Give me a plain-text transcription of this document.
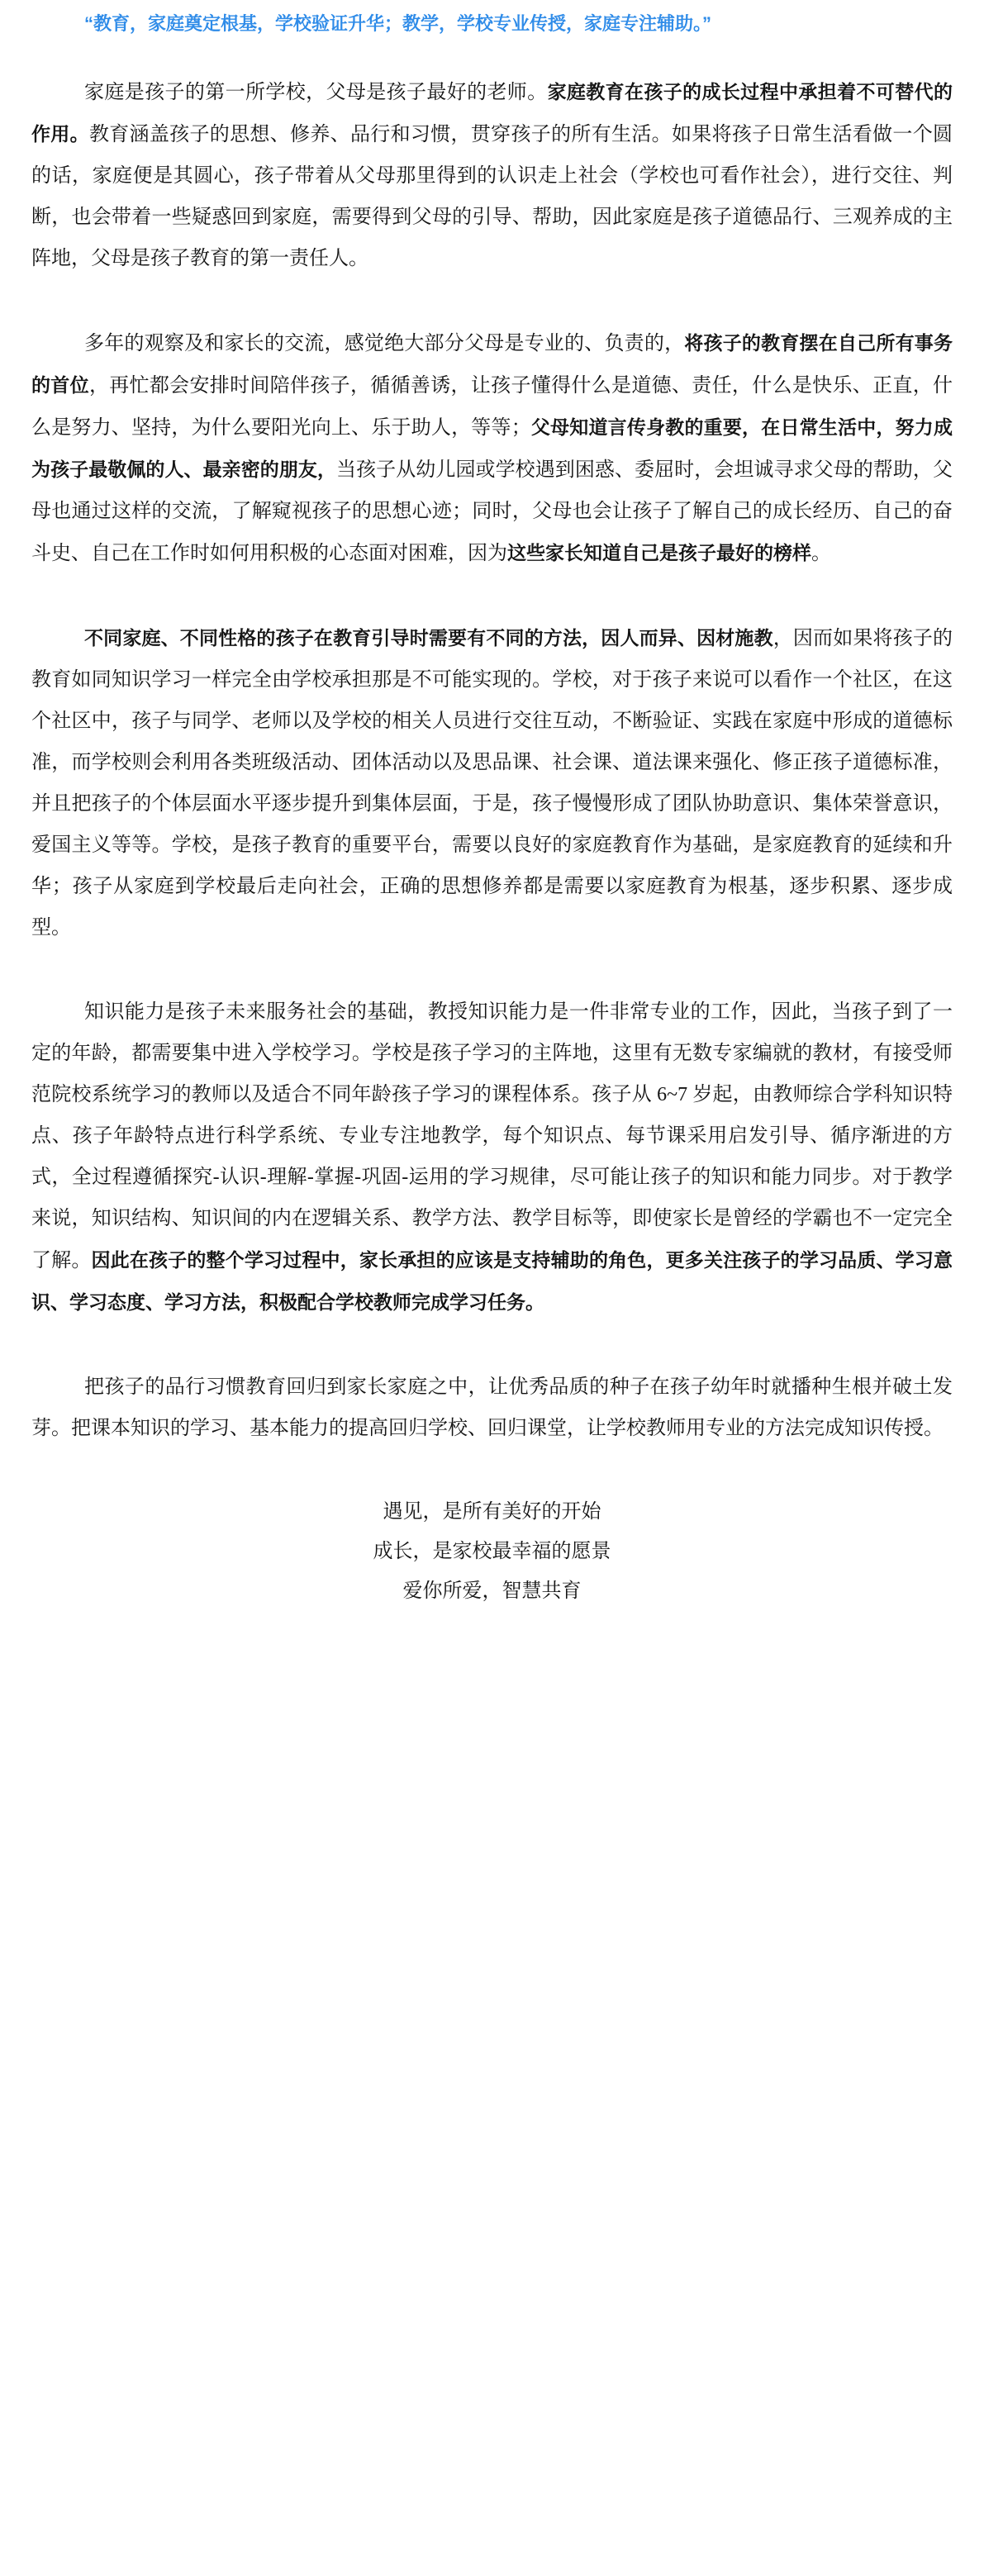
“教育，家庭奠定根基，学校验证升华；教学，学校专业传授，家庭专注辅助。”

家庭是孩子的第一所学校，父母是孩子最好的老师。家庭教育在孩子的成长过程中承担着不可替代的作用。教育涵盖孩子的思想、修养、品行和习惯，贯穿孩子的所有生活。如果将孩子日常生活看做一个圆的话，家庭便是其圆心，孩子带着从父母那里得到的认识走上社会（学校也可看作社会），进行交往、判断，也会带着一些疑惑回到家庭，需要得到父母的引导、帮助，因此家庭是孩子道德品行、三观养成的主阵地，父母是孩子教育的第一责任人。

多年的观察及和家长的交流，感觉绝大部分父母是专业的、负责的，将孩子的教育摆在自己所有事务的首位，再忙都会安排时间陪伴孩子，循循善诱，让孩子懂得什么是道德、责任，什么是快乐、正直，什么是努力、坚持，为什么要阳光向上、乐于助人，等等；父母知道言传身教的重要，在日常生活中，努力成为孩子最敬佩的人、最亲密的朋友，当孩子从幼儿园或学校遇到困惑、委屈时，会坦诚寻求父母的帮助，父母也通过这样的交流，了解窥视孩子的思想心迹；同时，父母也会让孩子了解自己的成长经历、自己的奋斗史、自己在工作时如何用积极的心态面对困难，因为这些家长知道自己是孩子最好的榜样。

不同家庭、不同性格的孩子在教育引导时需要有不同的方法，因人而异、因材施教，因而如果将孩子的教育如同知识学习一样完全由学校承担那是不可能实现的。学校，对于孩子来说可以看作一个社区，在这个社区中，孩子与同学、老师以及学校的相关人员进行交往互动，不断验证、实践在家庭中形成的道德标准，而学校则会利用各类班级活动、团体活动以及思品课、社会课、道法课来强化、修正孩子道德标准，并且把孩子的个体层面水平逐步提升到集体层面，于是，孩子慢慢形成了团队协助意识、集体荣誉意识，爱国主义等等。学校，是孩子教育的重要平台，需要以良好的家庭教育作为基础，是家庭教育的延续和升华；孩子从家庭到学校最后走向社会，正确的思想修养都是需要以家庭教育为根基，逐步积累、逐步成型。

知识能力是孩子未来服务社会的基础，教授知识能力是一件非常专业的工作，因此，当孩子到了一定的年龄，都需要集中进入学校学习。学校是孩子学习的主阵地，这里有无数专家编就的教材，有接受师范院校系统学习的教师以及适合不同年龄孩子学习的课程体系。孩子从 6~7 岁起，由教师综合学科知识特点、孩子年龄特点进行科学系统、专业专注地教学，每个知识点、每节课采用启发引导、循序渐进的方式，全过程遵循探究-认识-理解-掌握-巩固-运用的学习规律，尽可能让孩子的知识和能力同步。对于教学来说，知识结构、知识间的内在逻辑关系、教学方法、教学目标等，即使家长是曾经的学霸也不一定完全了解。因此在孩子的整个学习过程中，家长承担的应该是支持辅助的角色，更多关注孩子的学习品质、学习意识、学习态度、学习方法，积极配合学校教师完成学习任务。

把孩子的品行习惯教育回归到家长家庭之中，让优秀品质的种子在孩子幼年时就播种生根并破土发芽。把课本知识的学习、基本能力的提高回归学校、回归课堂，让学校教师用专业的方法完成知识传授。

遇见，是所有美好的开始
成长，是家校最幸福的愿景
爱你所爱，智慧共育
